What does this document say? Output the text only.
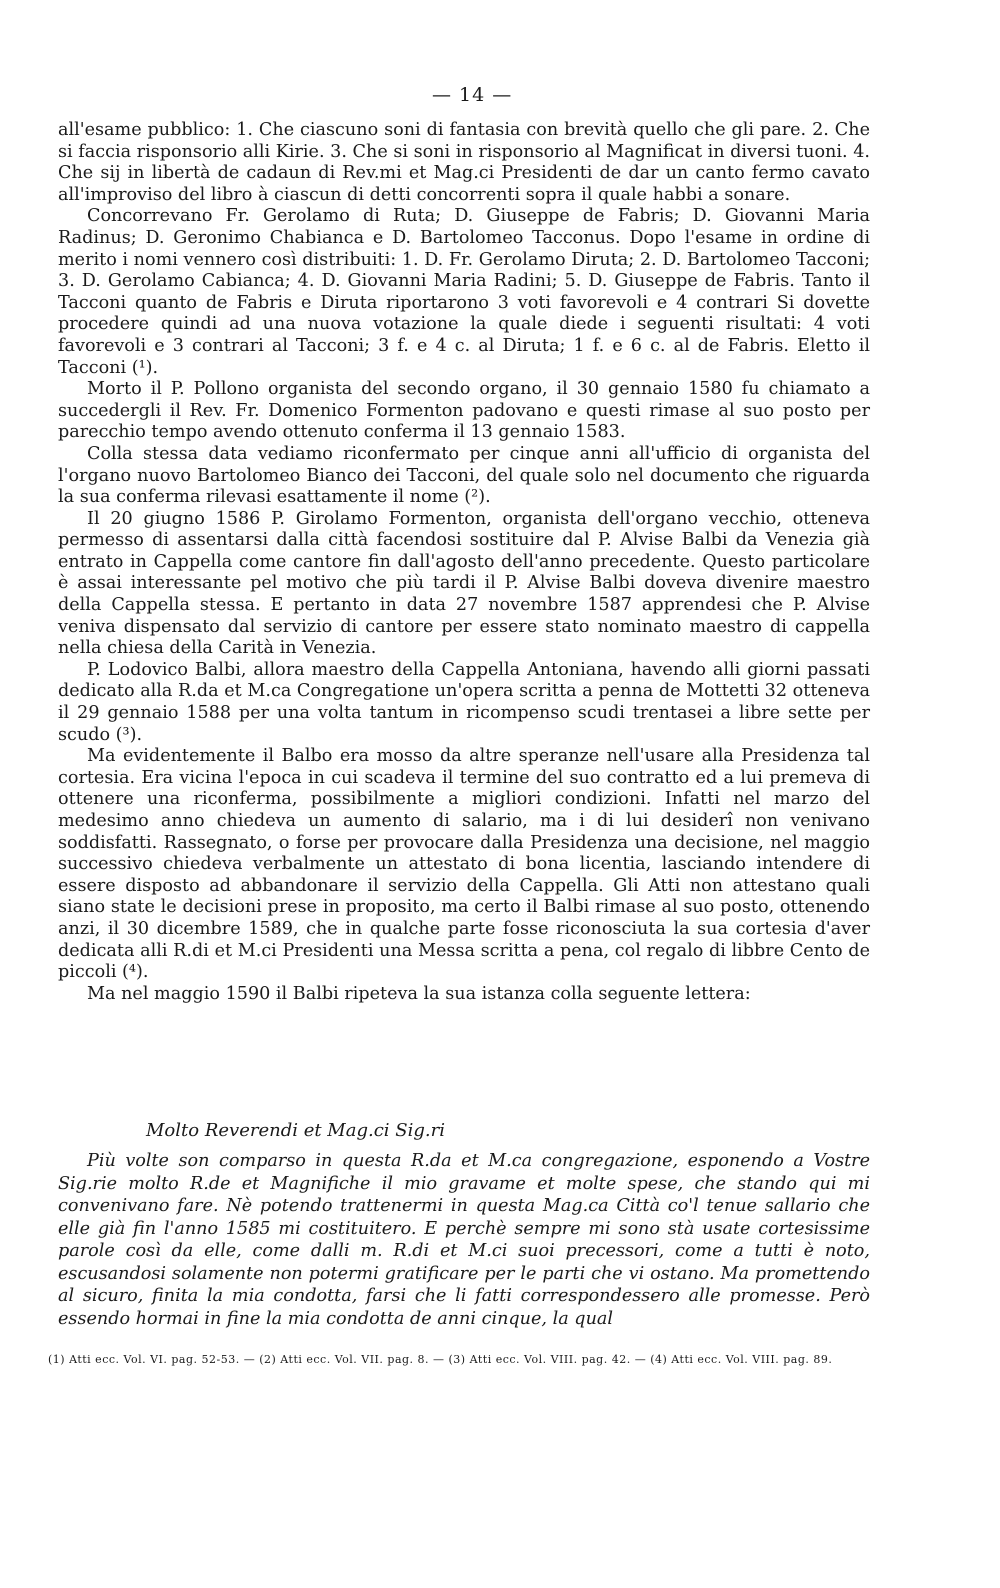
— 14 —

all'esame pubblico: 1. Che ciascuno soni di fantasia con brevità quello che gli pare. 2. Che si faccia risponsorio alli Kirie. 3. Che si soni in risponsorio al Magnificat in diversi tuoni. 4. Che sij in libertà de cadaun di Rev.mi et Mag.ci Presidenti de dar un canto fermo cavato all'improviso del libro à ciascun di detti concorrenti sopra il quale habbi a sonare.

Concorrevano Fr. Gerolamo di Ruta; D. Giuseppe de Fabris; D. Giovanni Maria Radinus; D. Geronimo Chabianca e D. Bartolomeo Tacconus. Dopo l'esame in ordine di merito i nomi vennero così distribuiti: 1. D. Fr. Gerolamo Diruta; 2. D. Bartolomeo Tacconi; 3. D. Gerolamo Cabianca; 4. D. Giovanni Maria Radini; 5. D. Giuseppe de Fabris. Tanto il Tacconi quanto de Fabris e Diruta riportarono 3 voti favorevoli e 4 contrari Si dovette procedere quindi ad una nuova votazione la quale diede i seguenti risultati: 4 voti favorevoli e 3 contrari al Tacconi; 3 f. e 4 c. al Diruta; 1 f. e 6 c. al de Fabris. Eletto il Tacconi (¹).

Morto il P. Pollono organista del secondo organo, il 30 gennaio 1580 fu chiamato a succedergli il Rev. Fr. Domenico Formenton padovano e questi rimase al suo posto per parecchio tempo avendo ottenuto conferma il 13 gennaio 1583.

Colla stessa data vediamo riconfermato per cinque anni all'ufficio di organista del l'organo nuovo Bartolomeo Bianco dei Tacconi, del quale solo nel documento che riguarda la sua conferma rilevasi esattamente il nome (²).

Il 20 giugno 1586 P. Girolamo Formenton, organista dell'organo vecchio, otteneva permesso di assentarsi dalla città facendosi sostituire dal P. Alvise Balbi da Venezia già entrato in Cappella come cantore fin dall'agosto dell'anno precedente. Questo particolare è assai interessante pel motivo che più tardi il P. Alvise Balbi doveva divenire maestro della Cappella stessa. E pertanto in data 27 novembre 1587 apprendesi che P. Alvise veniva dispensato dal servizio di cantore per essere stato nominato maestro di cappella nella chiesa della Carità in Venezia.

P. Lodovico Balbi, allora maestro della Cappella Antoniana, havendo alli giorni passati dedicato alla R.da et M.ca Congregatione un'opera scritta a penna de Mottetti 32 otteneva il 29 gennaio 1588 per una volta tantum in ricompenso scudi trentasei a libre sette per scudo (³).

Ma evidentemente il Balbo era mosso da altre speranze nell'usare alla Presidenza tal cortesia. Era vicina l'epoca in cui scadeva il termine del suo contratto ed a lui premeva di ottenere una riconferma, possibilmente a migliori condizioni. Infatti nel marzo del medesimo anno chiedeva un aumento di salario, ma i di lui desiderî non venivano soddisfatti. Rassegnato, o forse per provocare dalla Presidenza una decisione, nel maggio successivo chiedeva verbalmente un attestato di bona licentia, lasciando intendere di essere disposto ad abbandonare il servizio della Cappella. Gli Atti non attestano quali siano state le decisioni prese in proposito, ma certo il Balbi rimase al suo posto, ottenendo anzi, il 30 dicembre 1589, che in qualche parte fosse riconosciuta la sua cortesia d'aver dedicata alli R.di et M.ci Presidenti una Messa scritta a pena, col regalo di libbre Cento de piccoli (⁴).

Ma nel maggio 1590 il Balbi ripeteva la sua istanza colla seguente lettera:

Molto Reverendi et Mag.ci Sig.ri

Più volte son comparso in questa R.da et M.ca congregazione, esponendo a Vostre Sig.rie molto R.de et Magnifiche il mio gravame et molte spese, che stando qui mi convenivano fare. Nè potendo trattenermi in questa Mag.ca Città co'l tenue sallario che elle già fin l'anno 1585 mi costituitero. E perchè sempre mi sono stà usate cortesissime parole così da elle, come dalli m. R.di et M.ci suoi precessori, come a tutti è noto, escusandosi solamente non potermi gratificare per le parti che vi ostano. Ma promettendo al sicuro, finita la mia condotta, farsi che li fatti correspondessero alle promesse. Però essendo hormai in fine la mia condotta de anni cinque, la qual

(1) Atti ecc. Vol. VI. pag. 52-53. — (2) Atti ecc. Vol. VII. pag. 8. — (3) Atti ecc. Vol. VIII. pag. 42. — (4) Atti ecc. Vol. VIII. pag. 89.
